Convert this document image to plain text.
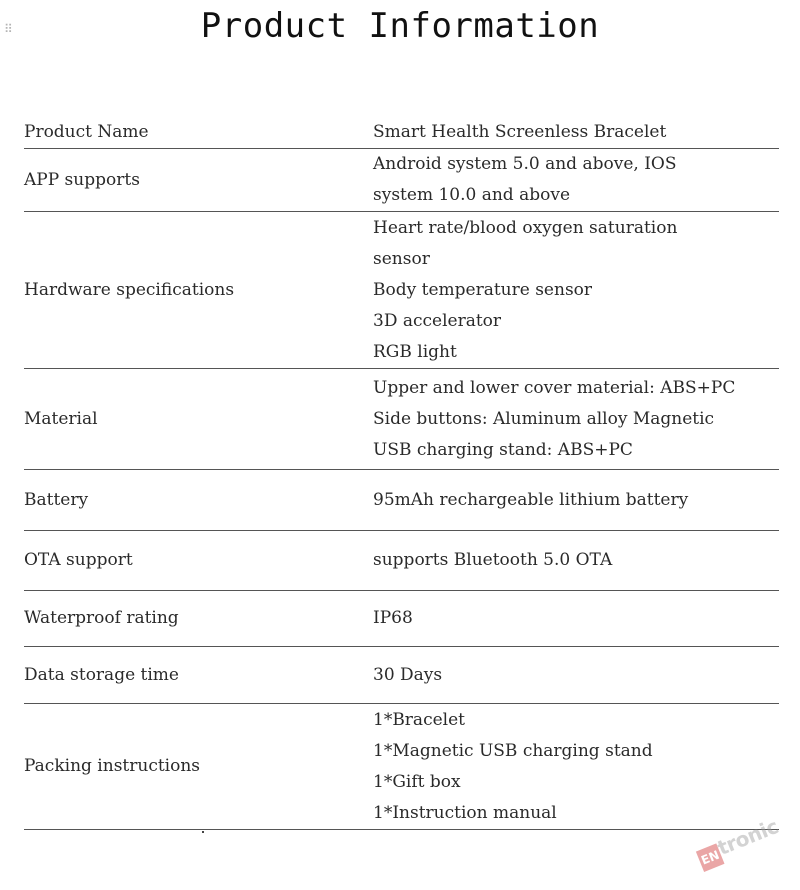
⠿	Product Information
Product Name	Smart Health Screenless Bracelet
APP supports	Android system 5.0 and above, IOS
system 10.0 and above

Hardware specifications	Heart rate/blood oxygen saturation
sensor
Body temperature sensor
3D accelerator
RGB light

Material	Upper and lower cover material: ABS+PC
Side buttons: Aluminum alloy Magnetic
USB charging stand: ABS+PC

Battery	95mAh rechargeable lithium battery
OTA support	supports Bluetooth 5.0 OTA
Waterproof rating	IP68
Data storage time	30 Days
Packing instructions	1*Bracelet
1*Magnetic USB charging stand
1*Gift box
1*Instruction manual
EN
tronic
